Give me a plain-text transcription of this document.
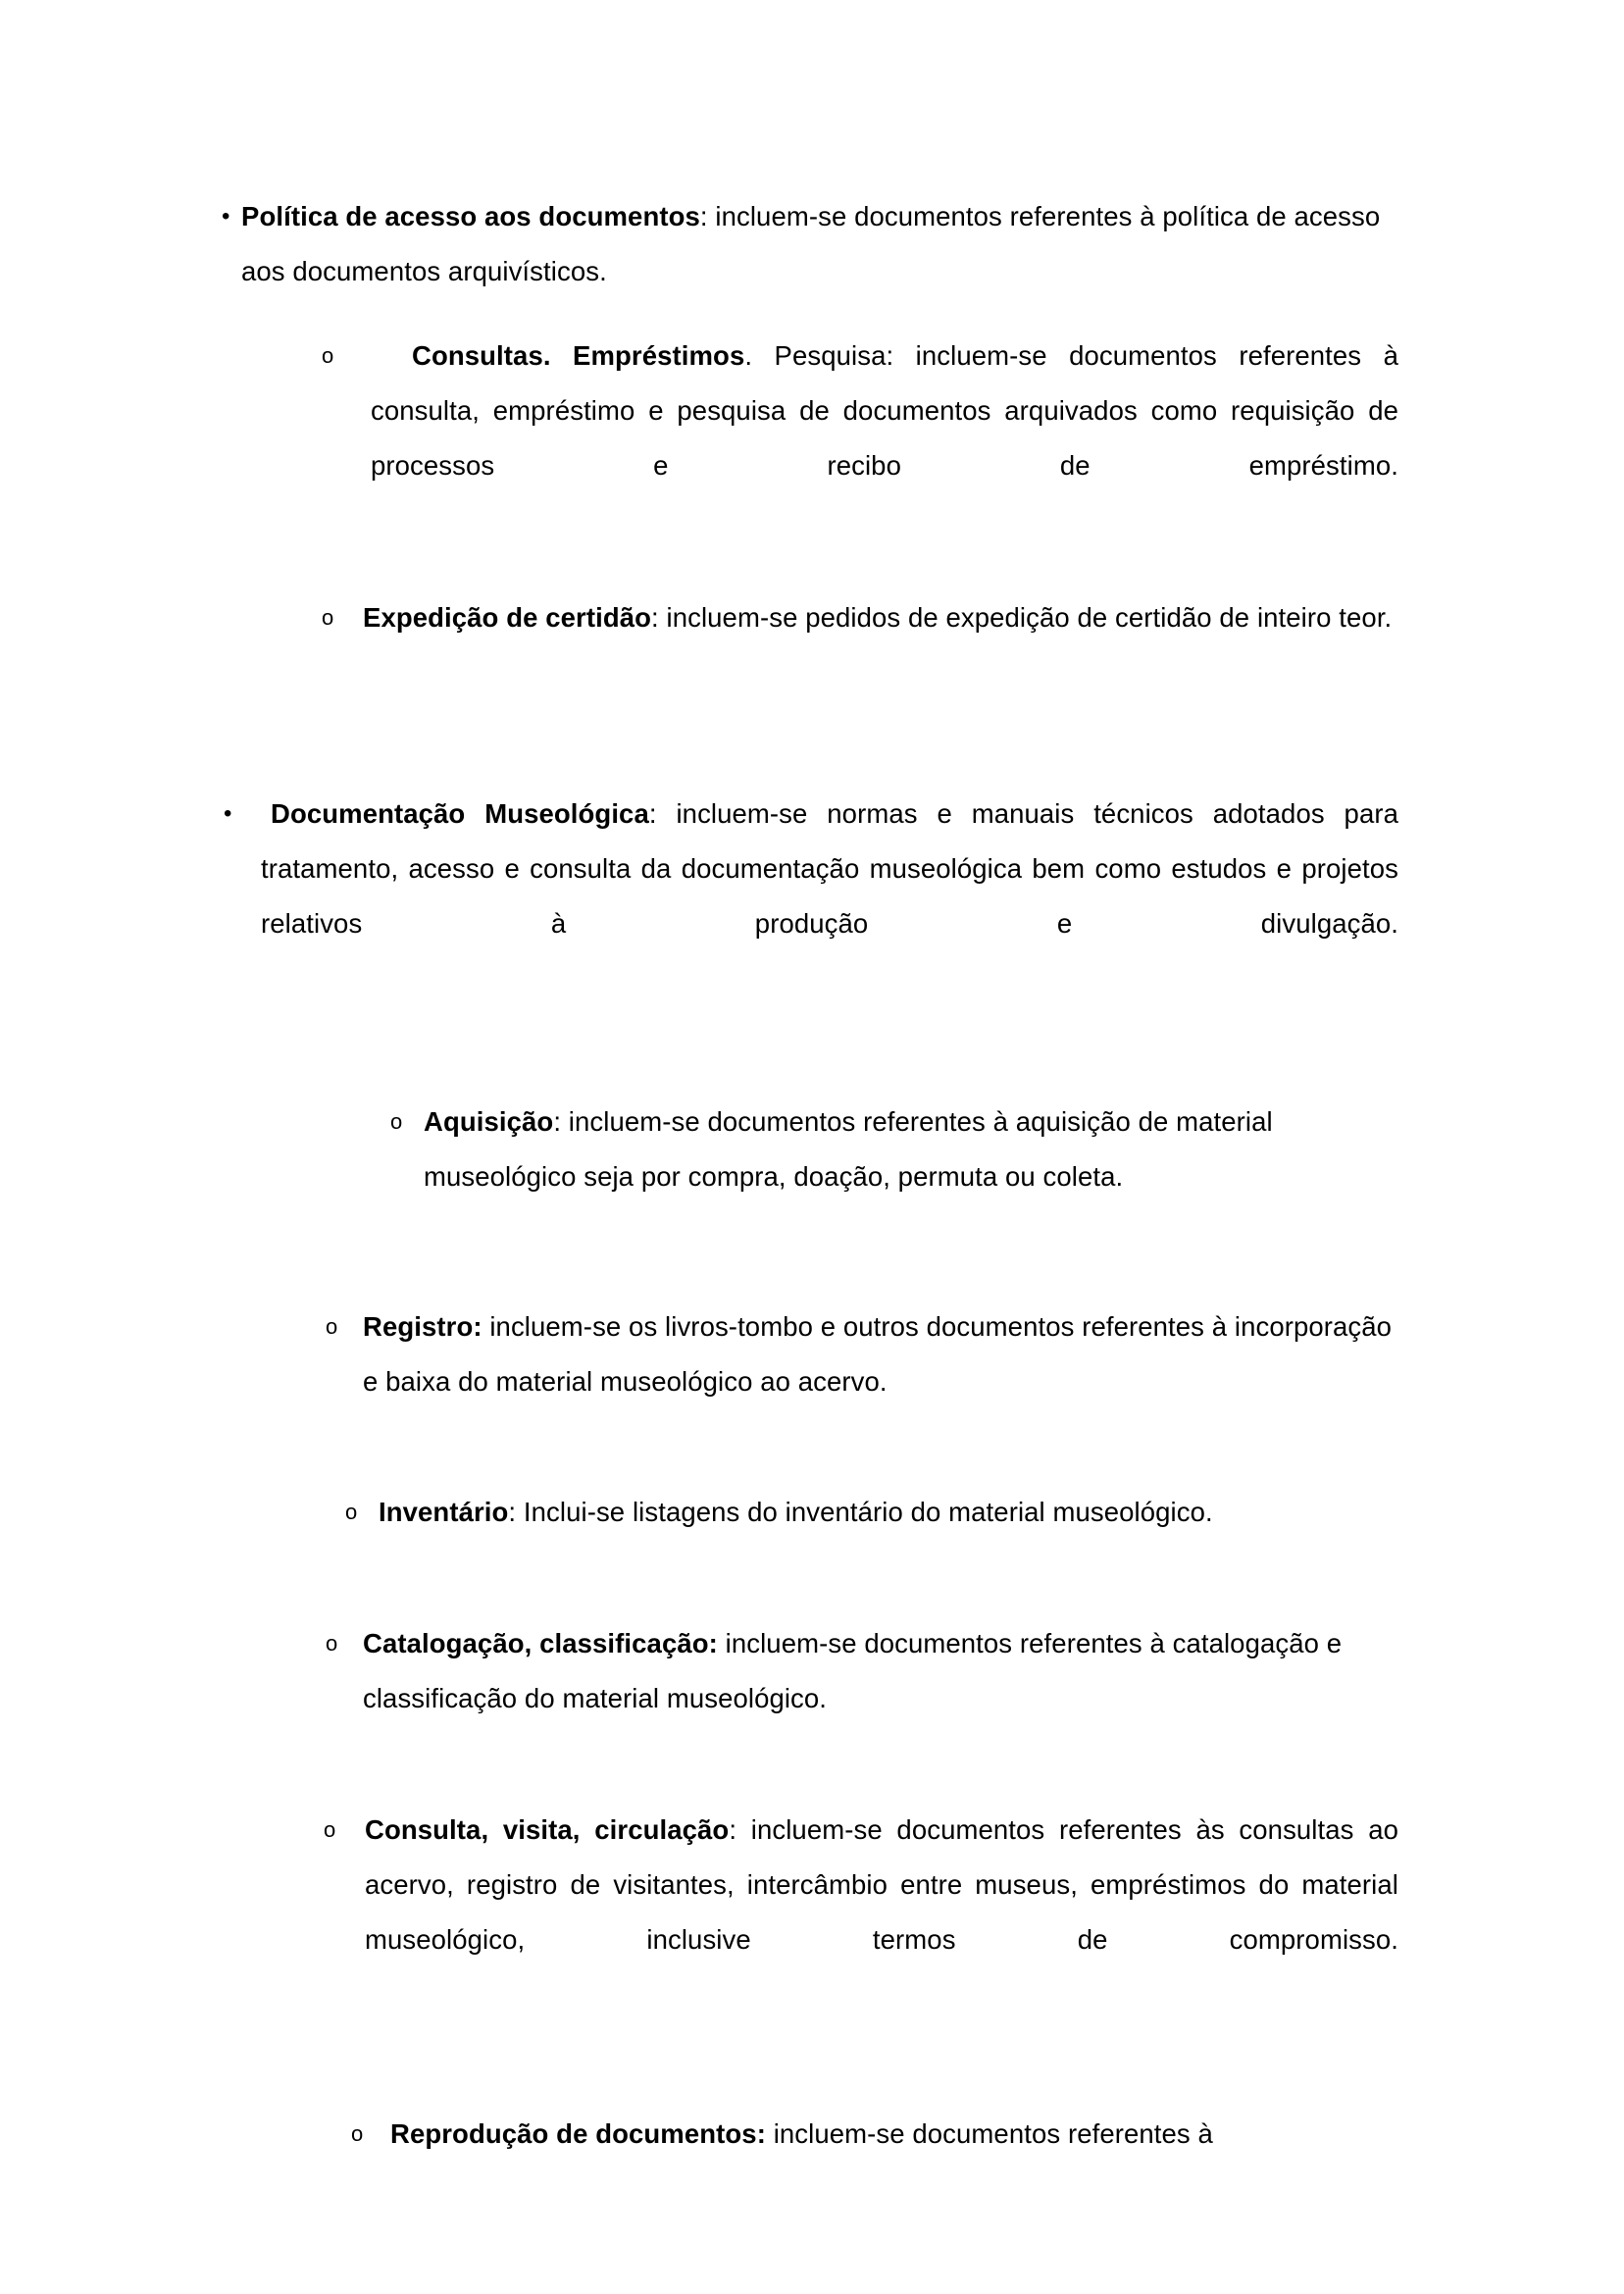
• Política de acesso aos documentos: incluem-se documentos referentes à política de acesso aos documentos arquivísticos.
o	Consultas. Empréstimos. Pesquisa: incluem-se documentos referentes à consulta, empréstimo e pesquisa de documentos arquivados como requisição de processos e recibo de empréstimo.
o Expedição de certidão: incluem-se pedidos de expedição de certidão de inteiro teor.
•	Documentação Museológica: incluem-se normas e manuais técnicos adotados para tratamento, acesso e consulta da documentação museológica bem como estudos e projetos relativos à produção e divulgação.
o Aquisição: incluem-se documentos referentes à aquisição de material museológico seja por compra, doação, permuta ou coleta.
o Registro: incluem-se os livros-tombo e outros documentos referentes à incorporação e baixa do material museológico ao acervo.
o Inventário: Inclui-se listagens do inventário do material museológico.
o Catalogação, classificação: incluem-se documentos referentes à catalogação e classificação do material museológico.
o Consulta, visita, circulação: incluem-se documentos referentes às consultas ao acervo, registro de visitantes, intercâmbio entre museus, empréstimos do material museológico, inclusive termos de compromisso.
o Reprodução de documentos: incluem-se documentos referentes à
